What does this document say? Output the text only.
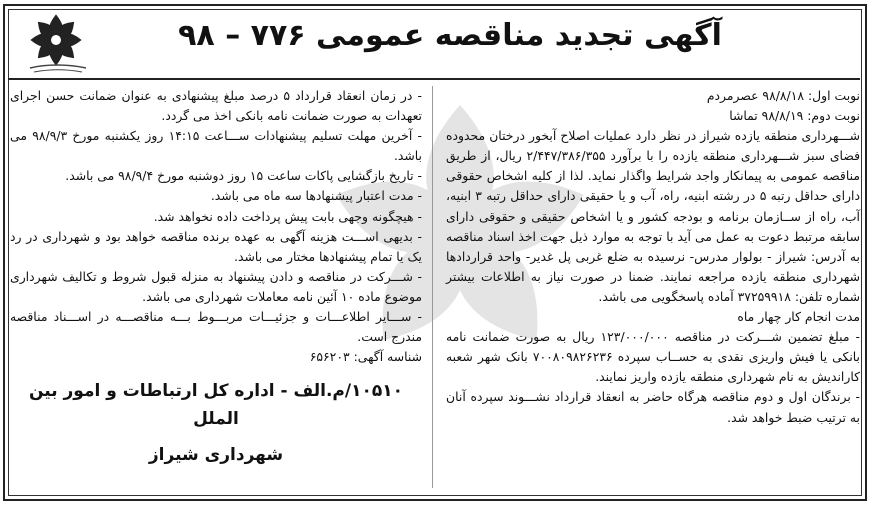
آگهی تجدید مناقصه عمومی ۷۷۶ – ۹۸

نوبت اول: ۹۸/۸/۱۸ عصرمردم

نوبت دوم: ۹۸/۸/۱۹ تماشا

شـــهرداری منطقه یازده شیراز در نظر دارد عملیات اصلاح آبخور درختان محدوده فضای سبز شـــهرداری منطقه یازده را با برآورد ۲/۴۴۷/۳۸۶/۳۵۵ ریال، از طریق مناقصه عمومی به پیمانکار واجد شرایط واگذار نماید. لذا از کلیه اشخاص حقوقی دارای حداقل رتبه ۵ در رشته ابنیه، راه، آب و یا حقیقی دارای حداقل رتبه ۳ ابنیه، آب، راه از ســازمان برنامه و بودجه کشور و یا اشخاص حقیقی و حقوقی دارای سابقه مرتبط دعوت به عمل می آید با توجه به موارد ذیل جهت اخذ اسناد مناقصه به آدرس: شیراز - بولوار مدرس- نرسیده به ضلع غربی پل غدیر- واحد قراردادها شهرداری منطقه یازده مراجعه نمایند. ضمنا در صورت نیاز به اطلاعات بیشتر شماره تلفن: ۳۷۲۵۹۹۱۸ آماده پاسخگویی می باشد.

مدت انجام کار چهار ماه

- مبلغ تضمین شـــرکت در مناقصه ۱۲۳/۰۰۰/۰۰۰ ریال به صورت ضمانت نامه بانکی یا فیش واریزی نقدی به حســاب سپرده ۷۰۰۸۰۹۸۲۶۲۳۶ بانک شهر شعبه کارانديش به نام شهرداری منطقه یازده واریز نمایند.

- برندگان اول و دوم مناقصه هرگاه حاضر به انعقاد قرارداد نشـــوند سپرده آنان به ترتیب ضبط خواهد شد.

- در زمان انعقاد قرارداد ۵ درصد مبلغ پیشنهادی به عنوان ضمانت حسن اجرای تعهدات به صورت ضمانت نامه بانکی اخذ می گردد.

- آخرین مهلت تسلیم پیشنهادات ســـاعت ۱۴:۱۵ روز یکشنبه مورخ ۹۸/۹/۳ می باشد.

- تاریخ بازگشایی پاکات ساعت ۱۵ روز دوشنبه مورخ ۹۸/۹/۴ می باشد.

- مدت اعتبار پیشنهادها سه ماه می باشد.

- هیچگونه وجهی بابت پیش پرداخت داده نخواهد شد.

- بدیهی اســـت هزینه آگهی به عهده برنده مناقصه خواهد بود و شهرداری در رد یک یا تمام پیشنهادها مختار می باشد.

- شـــرکت در مناقصه و دادن پیشنهاد به منزله قبول شروط و تکالیف شهرداری موضوع ماده ۱۰ آئین نامه معاملات شهرداری می باشد.

- ســـایر اطلاعـــات و جزئیـــات مربـــوط بـــه مناقصـــه در اســـناد مناقصه مندرج است.

شناسه آگهی: ۶۵۶۲۰۳

۱۰۵۱۰/م.الف - اداره کل ارتباطات و امور بین الملل
شهرداری شیراز
